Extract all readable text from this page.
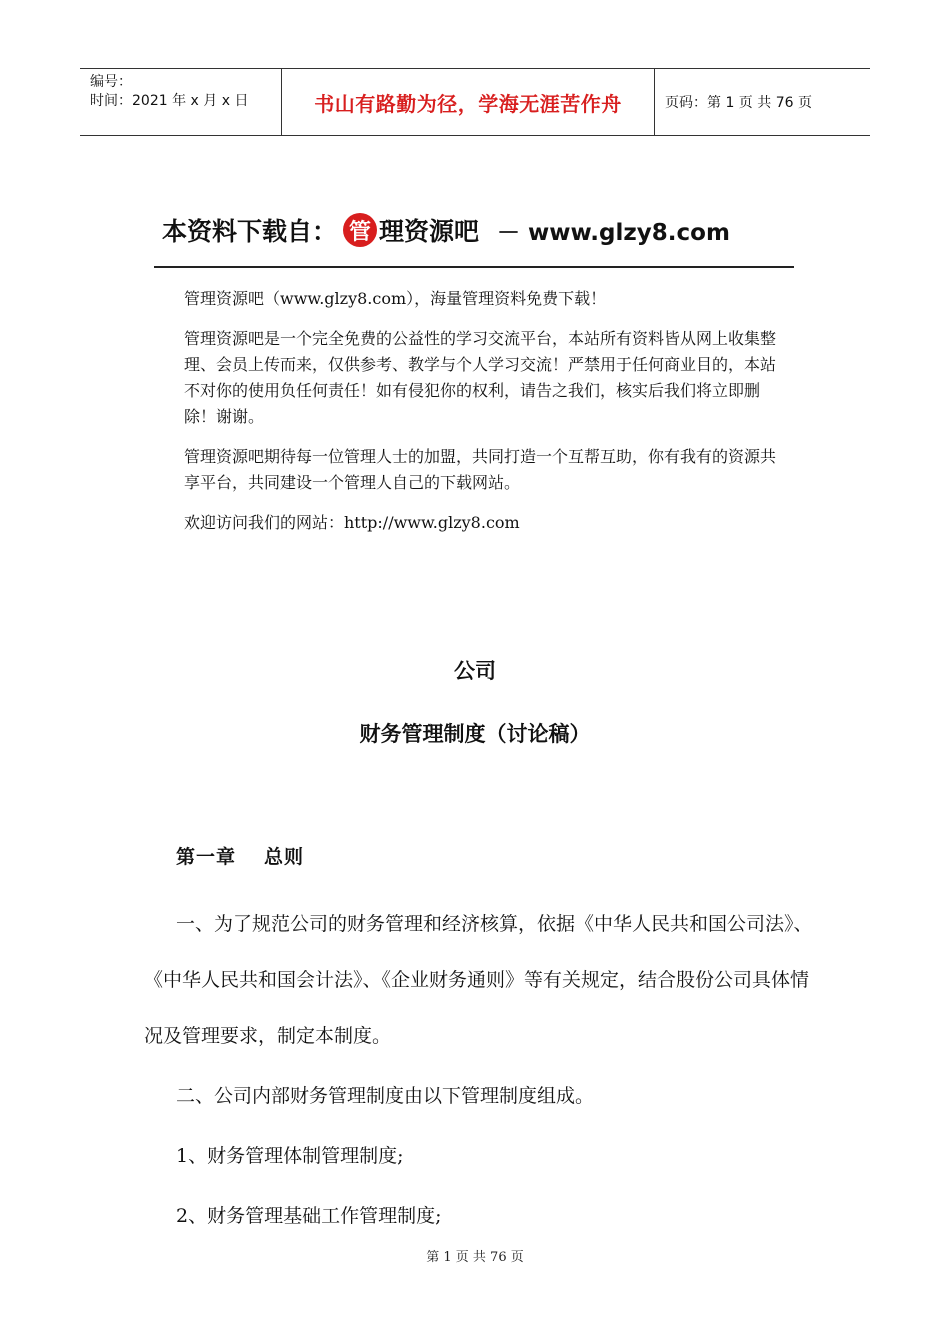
编号：
时间：2021 年 x 月 x 日	书山有路勤为径，学海无涯苦作舟	页码：第 1 页 共 76 页
本资料下载自： 管 理资源吧 － www.glzy8.com

管理资源吧（www.glzy8.com），海量管理资料免费下载！

管理资源吧是一个完全免费的公益性的学习交流平台，本站所有资料皆从网上收集整理、会员上传而来，仅供参考、教学与个人学习交流！严禁用于任何商业目的，本站不对你的使用负任何责任！如有侵犯你的权利，请告之我们，核实后我们将立即删除！谢谢。

管理资源吧期待每一位管理人士的加盟，共同打造一个互帮互助，你有我有的资源共享平台，共同建设一个管理人自己的下载网站。

欢迎访问我们的网站：http://www.glzy8.com

公司
财务管理制度（讨论稿）
第一章 总则

一、为了规范公司的财务管理和经济核算，依据《中华人民共和国公司法》、《中华人民共和国会计法》、《企业财务通则》等有关规定，结合股份公司具体情况及管理要求，制定本制度。

二、公司内部财务管理制度由以下管理制度组成。

1、财务管理体制管理制度;

2、财务管理基础工作管理制度;

第 1 页 共 76 页
